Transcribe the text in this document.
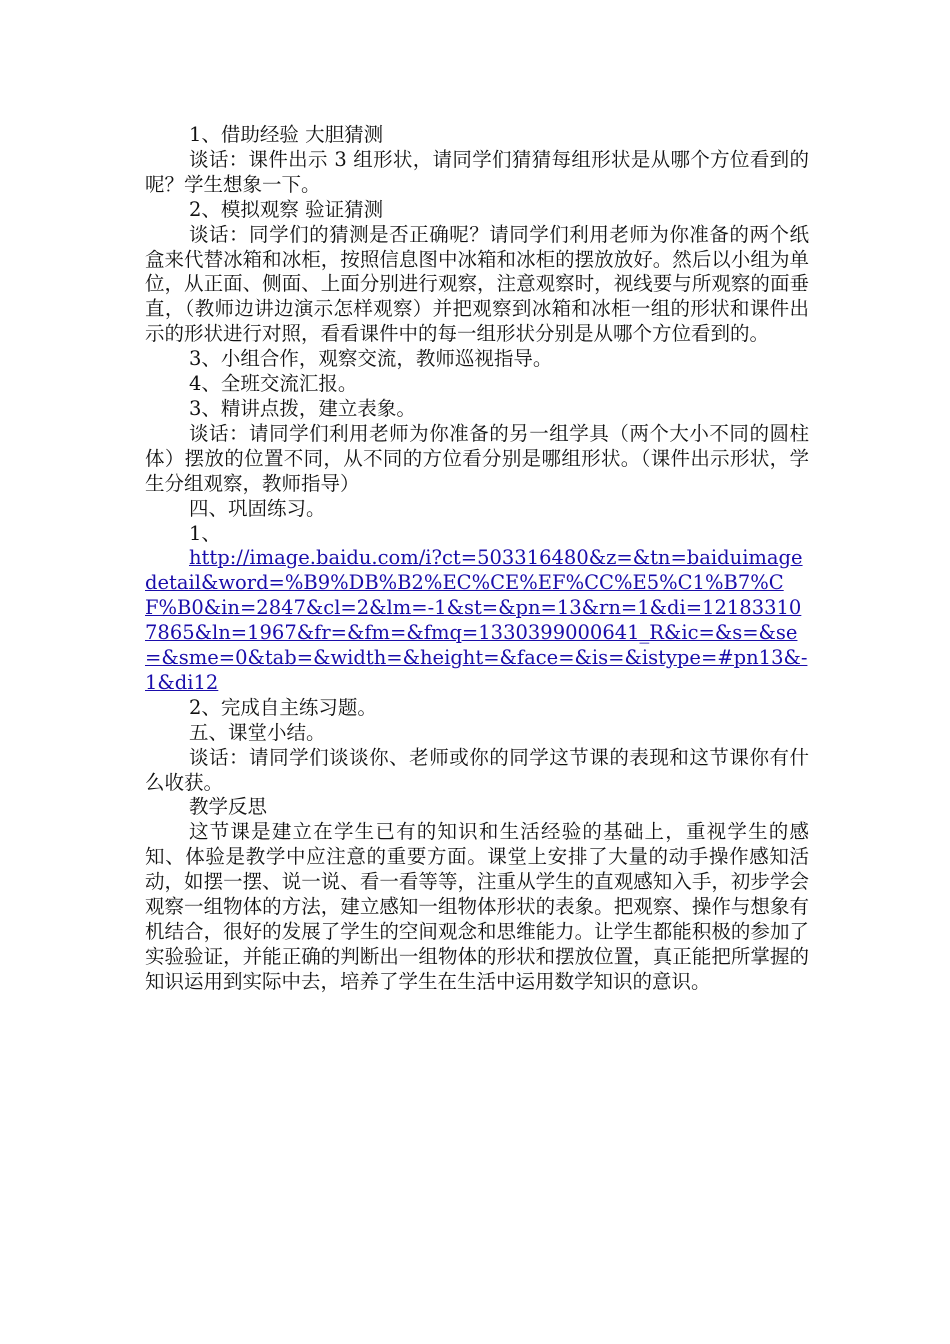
1、借助经验 大胆猜测

谈话：课件出示 3 组形状，请同学们猜猜每组形状是从哪个方位看到的呢？学生想象一下。

2、模拟观察 验证猜测

谈话：同学们的猜测是否正确呢？请同学们利用老师为你准备的两个纸盒来代替冰箱和冰柜，按照信息图中冰箱和冰柜的摆放放好。然后以小组为单位，从正面、侧面、上面分别进行观察，注意观察时，视线要与所观察的面垂直，（教师边讲边演示怎样观察）并把观察到冰箱和冰柜一组的形状和课件出示的形状进行对照，看看课件中的每一组形状分别是从哪个方位看到的。

3、小组合作，观察交流，教师巡视指导。

4、全班交流汇报。

3、精讲点拨，建立表象。

谈话：请同学们利用老师为你准备的另一组学具（两个大小不同的圆柱体）摆放的位置不同，从不同的方位看分别是哪组形状。（课件出示形状，学生分组观察，教师指导）

四、巩固练习。

1、

http://image.baidu.com/i?ct=503316480&z=&tn=baiduimagedetail&word=%B9%DB%B2%EC%CE%EF%CC%E5%C1%B7%CF%B0&in=2847&cl=2&lm=-1&st=&pn=13&rn=1&di=121833107865&ln=1967&fr=&fm=&fmq=1330399000641_R&ic=&s=&se=&sme=0&tab=&width=&height=&face=&is=&istype=#pn13&-1&di12

2、完成自主练习题。

五、课堂小结。

谈话：请同学们谈谈你、老师或你的同学这节课的表现和这节课你有什么收获。

教学反思

这节课是建立在学生已有的知识和生活经验的基础上，重视学生的感知、体验是教学中应注意的重要方面。课堂上安排了大量的动手操作感知活动，如摆一摆、说一说、看一看等等，注重从学生的直观感知入手，初步学会观察一组物体的方法，建立感知一组物体形状的表象。把观察、操作与想象有机结合，很好的发展了学生的空间观念和思维能力。让学生都能积极的参加了实验验证，并能正确的判断出一组物体的形状和摆放位置，真正能把所掌握的知识运用到实际中去，培养了学生在生活中运用数学知识的意识。
